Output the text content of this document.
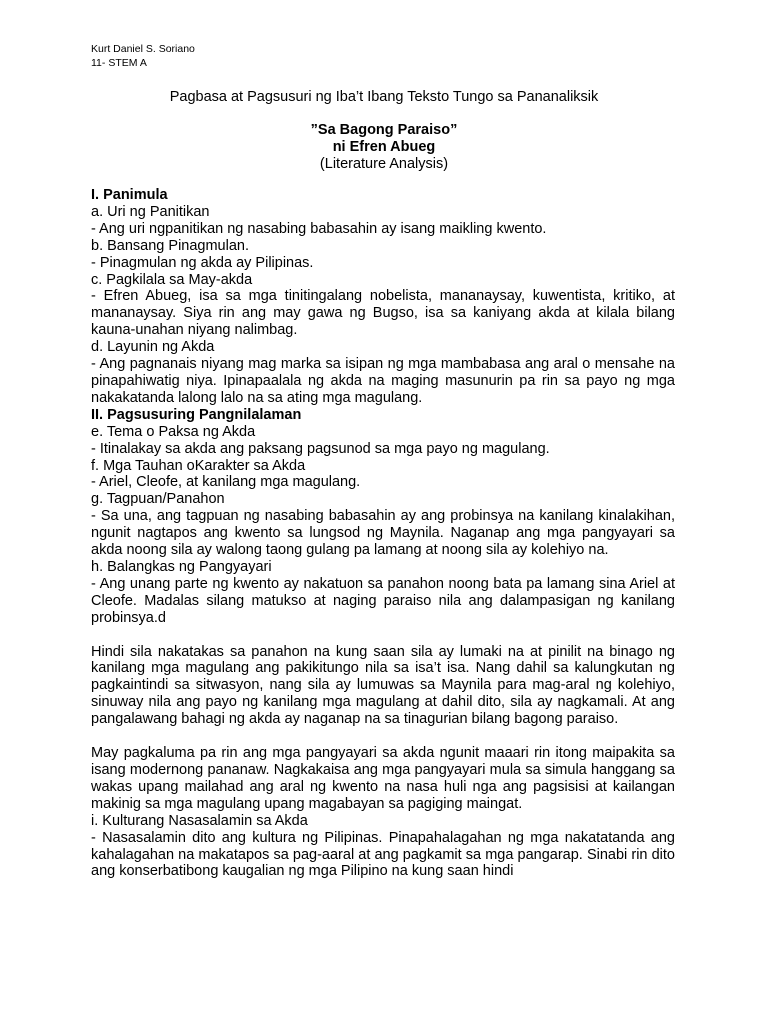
Kurt Daniel S. Soriano
11- STEM A
Pagbasa at Pagsusuri ng Iba’t Ibang Teksto Tungo sa Pananaliksik
”Sa Bagong Paraiso”
ni Efren Abueg
(Literature Analysis)

I. Panimula

a. Uri ng Panitikan

- Ang uri ngpanitikan ng nasabing babasahin ay isang maikling kwento.

b. Bansang Pinagmulan.

- Pinagmulan ng akda ay Pilipinas.

c. Pagkilala sa May-akda

- Efren Abueg, isa sa mga tinitingalang nobelista, mananaysay, kuwentista, kritiko, at mananaysay. Siya rin ang may gawa ng Bugso, isa sa kaniyang akda at kilala bilang kauna-unahan niyang nalimbag.

d. Layunin ng Akda

- Ang pagnanais niyang mag marka sa isipan ng mga mambabasa ang aral o mensahe na pinapahiwatig niya. Ipinapaalala ng akda na maging masunurin pa rin sa payo ng mga nakakatanda lalong lalo na sa ating mga magulang.

II. Pagsusuring Pangnilalaman

e. Tema o Paksa ng Akda

- Itinalakay sa akda ang paksang pagsunod sa mga payo ng magulang.

f. Mga Tauhan oKarakter sa Akda

- Ariel, Cleofe, at kanilang mga magulang.

g. Tagpuan/Panahon

- Sa una, ang tagpuan ng nasabing babasahin ay ang probinsya na kanilang kinalakihan, ngunit nagtapos ang kwento sa lungsod ng Maynila. Naganap ang mga pangyayari sa akda noong sila ay walong taong gulang pa lamang at noong sila ay kolehiyo na.

h. Balangkas ng Pangyayari

- Ang unang parte ng kwento ay nakatuon sa panahon noong bata pa lamang sina Ariel at Cleofe. Madalas silang matukso at naging paraiso nila ang dalampasigan ng kanilang probinsya.d

Hindi sila nakatakas sa panahon na kung saan sila ay lumaki na at pinilit na binago ng kanilang mga magulang ang pakikitungo nila sa isa’t isa. Nang dahil sa kalungkutan ng pagkaintindi sa sitwasyon, nang sila ay lumuwas sa Maynila para mag-aral ng kolehiyo, sinuway nila ang payo ng kanilang mga magulang at dahil dito, sila ay nagkamali. At ang pangalawang bahagi ng akda ay naganap na sa tinagurian bilang bagong paraiso.

May pagkaluma pa rin ang mga pangyayari sa akda ngunit maaari rin itong maipakita sa isang modernong pananaw. Nagkakaisa ang mga pangyayari mula sa simula hanggang sa wakas upang mailahad ang aral ng kwento na nasa huli nga ang pagsisisi at kailangan makinig sa mga magulang upang magabayan sa pagiging maingat.

i. Kulturang Nasasalamin sa Akda

- Nasasalamin dito ang kultura ng Pilipinas. Pinapahalagahan ng mga nakatatanda ang kahalagahan na makatapos sa pag-aaral at ang pagkamit sa mga pangarap. Sinabi rin dito ang konserbatibong kaugalian ng mga Pilipino na kung saan hindi
